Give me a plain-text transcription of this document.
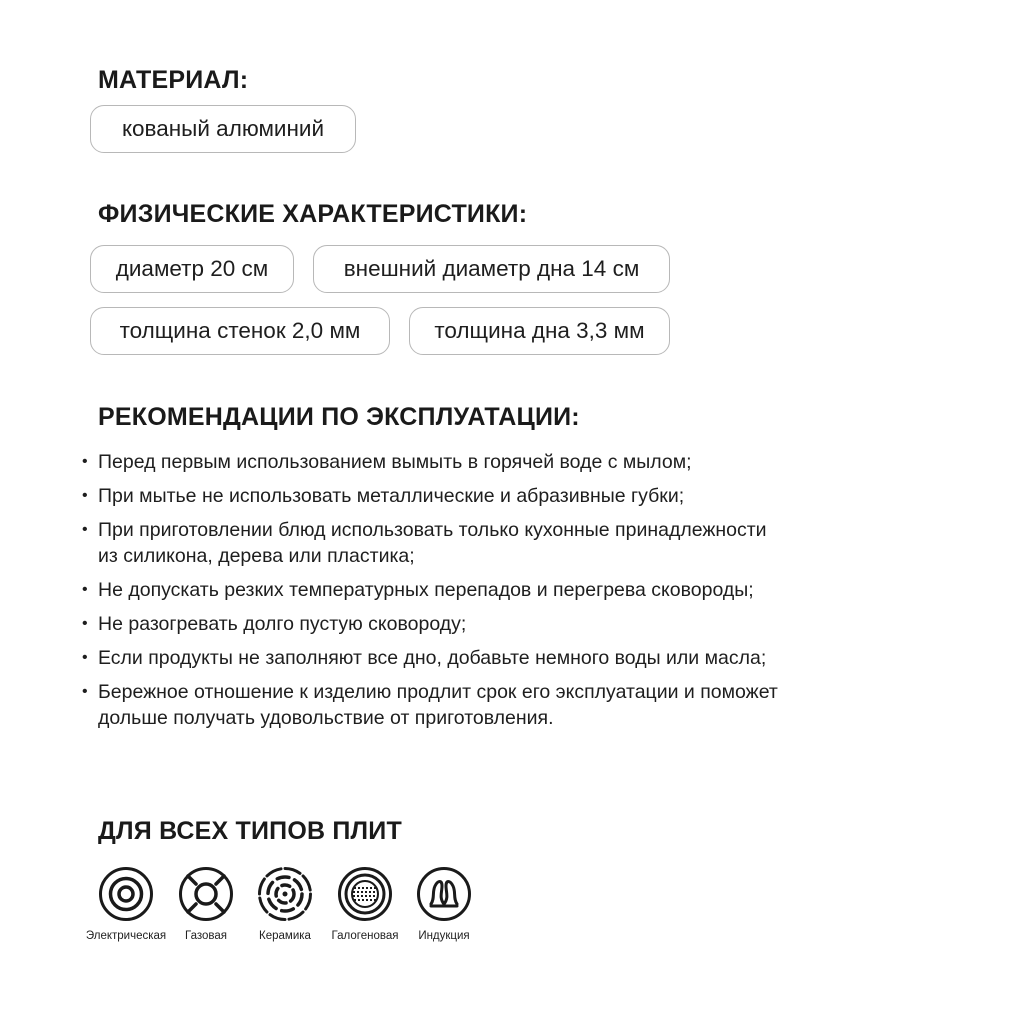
МАТЕРИАЛ:
кованый алюминий
ФИЗИЧЕСКИЕ ХАРАКТЕРИСТИКИ:
диаметр 20 см	внешний диаметр дна 14 см
толщина стенок 2,0 мм	толщина дна 3,3 мм
РЕКОМЕНДАЦИИ ПО ЭКСПЛУАТАЦИИ:
• Перед первым использованием вымыть в горячей воде с мылом;
• При мытье не использовать металлические и абразивные губки;
• При приготовлении блюд использовать только кухонные принадлежности из силикона, дерева или пластика;
• Не допускать резких температурных перепадов и перегрева сковороды;
• Не разогревать долго пустую сковороду;
• Если продукты не заполняют все дно, добавьте немного воды или масла;
• Бережное отношение к изделию продлит срок его эксплуатации и поможет дольше получать удовольствие от приготовления.
ДЛЯ ВСЕХ ТИПОВ ПЛИТ
Электрическая	Газовая	Керамика	Галогеновая	Индукция
